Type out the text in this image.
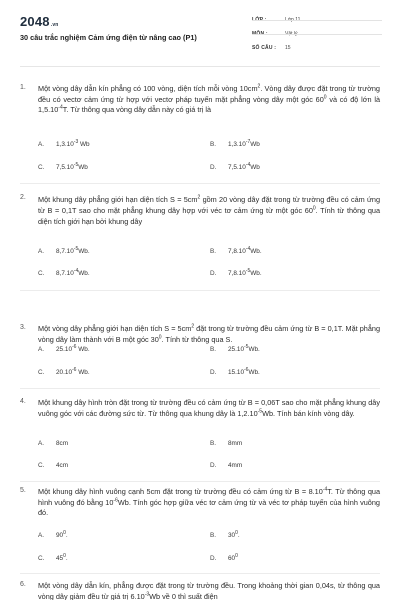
2048.vn
30 câu trắc nghiệm Cảm ứng điện từ nâng cao (P1)
LỚP :	Lớp 11
MÔN :	Vật lý
SỐ CÂU : 15
1. Một vòng dây dẫn kín phẳng có 100 vòng, diện tích mỗi vòng $10cm^2$. Vòng dây được đặt trong từ trường đều có vectơ cảm ứng từ hợp với vectơ pháp tuyến mặt phẳng vòng dây một góc $60^0$ và có độ lớn là $1,5.10^{-4}T$. Từ thông qua vòng dây dẫn này có giá trị là
A. $1,3.10^{-3}$ Wb	B. $1,3.10^{-7}Wb$
C. $7,5.10^{-5}Wb$	D. $7,5.10^{-4}Wb$
2. Một khung dây phẳng giới hạn diện tích $S = 5cm^2$ gồm 20 vòng dây đặt trong từ trường đều có cảm ứng từ B = 0,1T sao cho mặt phẳng khung dây hợp với véc tơ cảm ứng từ một góc $60^0$. Tính từ thông qua diện tích giới hạn bởi khung dây
A. $8,7.10^{-5}Wb$.	B. $7,8.10^{-4}Wb$.
C. $8,7.10^{-4}Wb$.	D. $7,8.10^{-5}Wb$.
3. Một vòng dây phẳng giới hạn diện tích $S = 5cm^2$ đặt trong từ trường đều cảm ứng từ B = 0,1T. Mặt phẳng vòng dây làm thành với B một góc $30^0$. Tính từ thông qua S.
A. $25.10^{-6}$ Wb.	B. $25.10^{-5}Wb$.
C. $20.10^{-6}$ Wb.	D. $15.10^{-6}Wb$.
4. Một khung dây hình tròn đặt trong từ trường đều có cảm ứng từ B = 0,06T sao cho mặt phẳng khung dây vuông góc với các đường sức từ. Từ thông qua khung dây là $1,2.10^{-5}Wb$. Tính bán kính vòng dây.
A. 8cm	B. 8mm
C. 4cm	D. 4mm
5. Một khung dây hình vuông cạnh 5cm đặt trong từ trường đều có cảm ứng từ $B = 8.10^{-4}T$. Từ thông qua hình vuông đó bằng $10^{-6}Wb$. Tính góc hợp giữa véc tơ cảm ứng từ và véc tơ pháp tuyến của hình vuông đó.
A. $90^0$.	B. $30^0$.
C. $45^0$.	D. $60^0$
6. Một vòng dây dẫn kín, phẳng được đặt trong từ trường đều. Trong khoảng thời gian 0,04s, từ thông qua vòng dây giảm đều từ giá trị $6.10^{-3}Wb$ về 0 thì suất điện
